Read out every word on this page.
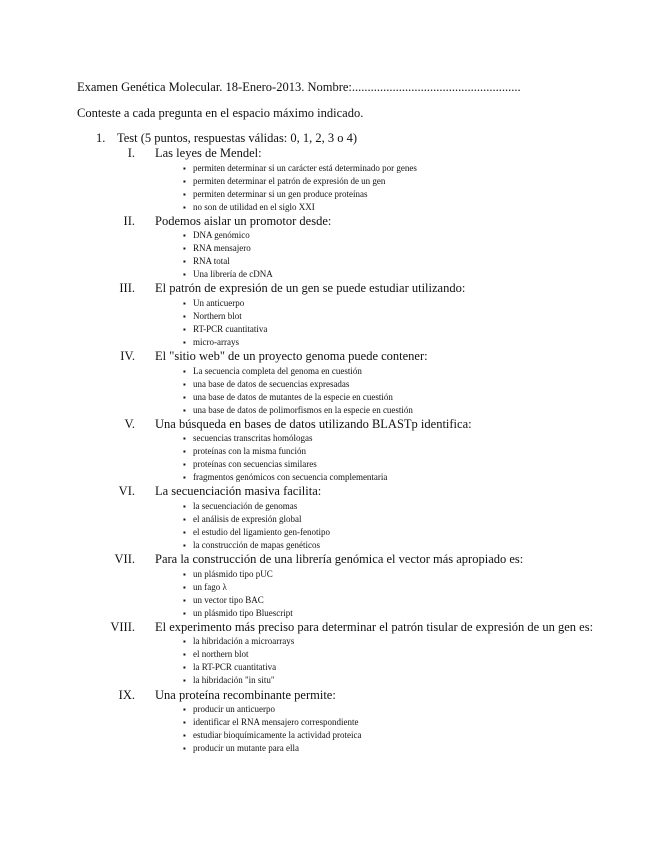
Examen Genética Molecular. 18-Enero-2013. Nombre:......................................................
Conteste a cada pregunta en el espacio máximo indicado.
1. Test (5 puntos, respuestas válidas: 0, 1, 2, 3 o 4)
I. Las leyes de Mendel:
▪ permiten determinar si un carácter está determinado por genes
▪ permiten determinar el patrón de expresión de un gen
▪ permiten determinar si un gen produce proteínas
▪ no son de utilidad en el siglo XXI
II. Podemos aislar un promotor desde:
▪ DNA genómico
▪ RNA mensajero
▪ RNA total
▪ Una librería de cDNA
III. El patrón de expresión de un gen se puede estudiar utilizando:
▪ Un anticuerpo
▪ Northern blot
▪ RT-PCR cuantitativa
▪ micro-arrays
IV. El "sitio web" de un proyecto genoma puede contener:
▪ La secuencia completa del genoma en cuestión
▪ una base de datos de secuencias expresadas
▪ una base de datos de mutantes de la especie en cuestión
▪ una base de datos de polimorfismos en la especie en cuestión
V. Una búsqueda en bases de datos utilizando BLASTp identifica:
▪ secuencias transcritas homólogas
▪ proteínas con la misma función
▪ proteínas con secuencias similares
▪ fragmentos genómicos con secuencia complementaria
VI. La secuenciación masiva facilita:
▪ la secuenciación de genomas
▪ el análisis de expresión global
▪ el estudio del ligamiento gen-fenotipo
▪ la construcción de mapas genéticos
VII. Para la construcción de una librería genómica el vector más apropiado es:
▪ un plásmido tipo pUC
▪ un fago λ
▪ un vector tipo BAC
▪ un plásmido tipo Bluescript
VIII. El experimento más preciso para determinar el patrón tisular de expresión de un gen es:
▪ la hibridación a microarrays
▪ el northern blot
▪ la RT-PCR cuantitativa
▪ la hibridación "in situ"
IX. Una proteína recombinante permite:
▪ producir un anticuerpo
▪ identificar el RNA mensajero correspondiente
▪ estudiar bioquímicamente la actividad proteica
▪ producir un mutante para ella
